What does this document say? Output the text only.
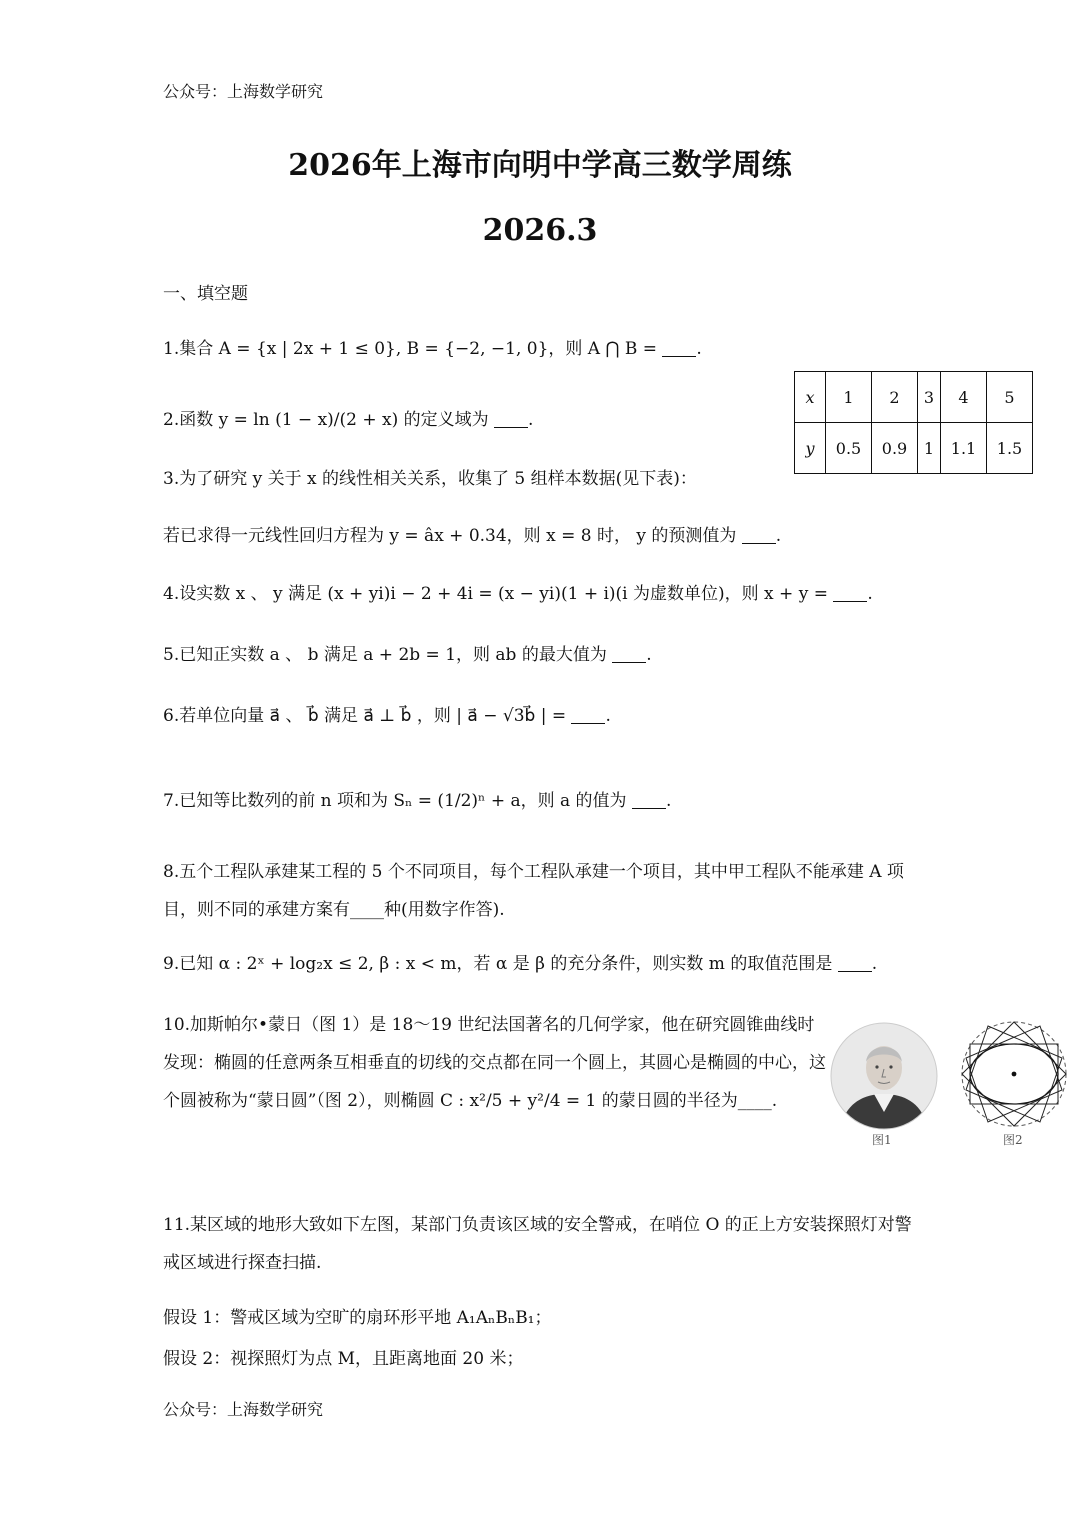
公众号：上海数学研究
2026年上海市向明中学高三数学周练
2026.3
一、填空题
1.集合 A = {x | 2x + 1 ≤ 0}, B = {−2, −1, 0}，则 A ⋂ B = .
2.函数 y = ln (1 − x)/(2 + x) 的定义域为 .
x	1	2	3	4	5
y	0.5	0.9	1	1.1	1.5
3.为了研究 y 关于 x 的线性相关关系，收集了 5 组样本数据(见下表)：
若已求得一元线性回归方程为 y = âx + 0.34，则 x = 8 时， y 的预测值为 .
4.设实数 x 、 y 满足 (x + yi)i − 2 + 4i = (x − yi)(1 + i)(i 为虚数单位)，则 x + y = .
5.已知正实数 a 、 b 满足 a + 2b = 1，则 ab 的最大值为 .
6.若单位向量 a⃗ 、 b⃗ 满足 a⃗ ⊥ b⃗ ，则 | a⃗ − √3b⃗ | = .
7.已知等比数列的前 n 项和为 Sₙ = (1/2)ⁿ + a，则 a 的值为 .
8.五个工程队承建某工程的 5 个不同项目，每个工程队承建一个项目，其中甲工程队不能承建 A 项目，则不同的承建方案有____种(用数字作答).
9.已知 α : 2ˣ + log₂x ≤ 2, β : x < m，若 α 是 β 的充分条件，则实数 m 的取值范围是 .
10.加斯帕尔•蒙日（图 1）是 18～19 世纪法国著名的几何学家，他在研究圆锥曲线时发现：椭圆的任意两条互相垂直的切线的交点都在同一个圆上，其圆心是椭圆的中心，这个圆被称为“蒙日圆”（图 2），则椭圆 C : x²/5 + y²/4 = 1 的蒙日圆的半径为____.
图1	图2
11.某区域的地形大致如下左图，某部门负责该区域的安全警戒，在哨位 O 的正上方安装探照灯对警戒区域进行探查扫描.
假设 1：警戒区域为空旷的扇环形平地 A₁AₙBₙB₁；
假设 2：视探照灯为点 M，且距离地面 20 米；
公众号：上海数学研究
